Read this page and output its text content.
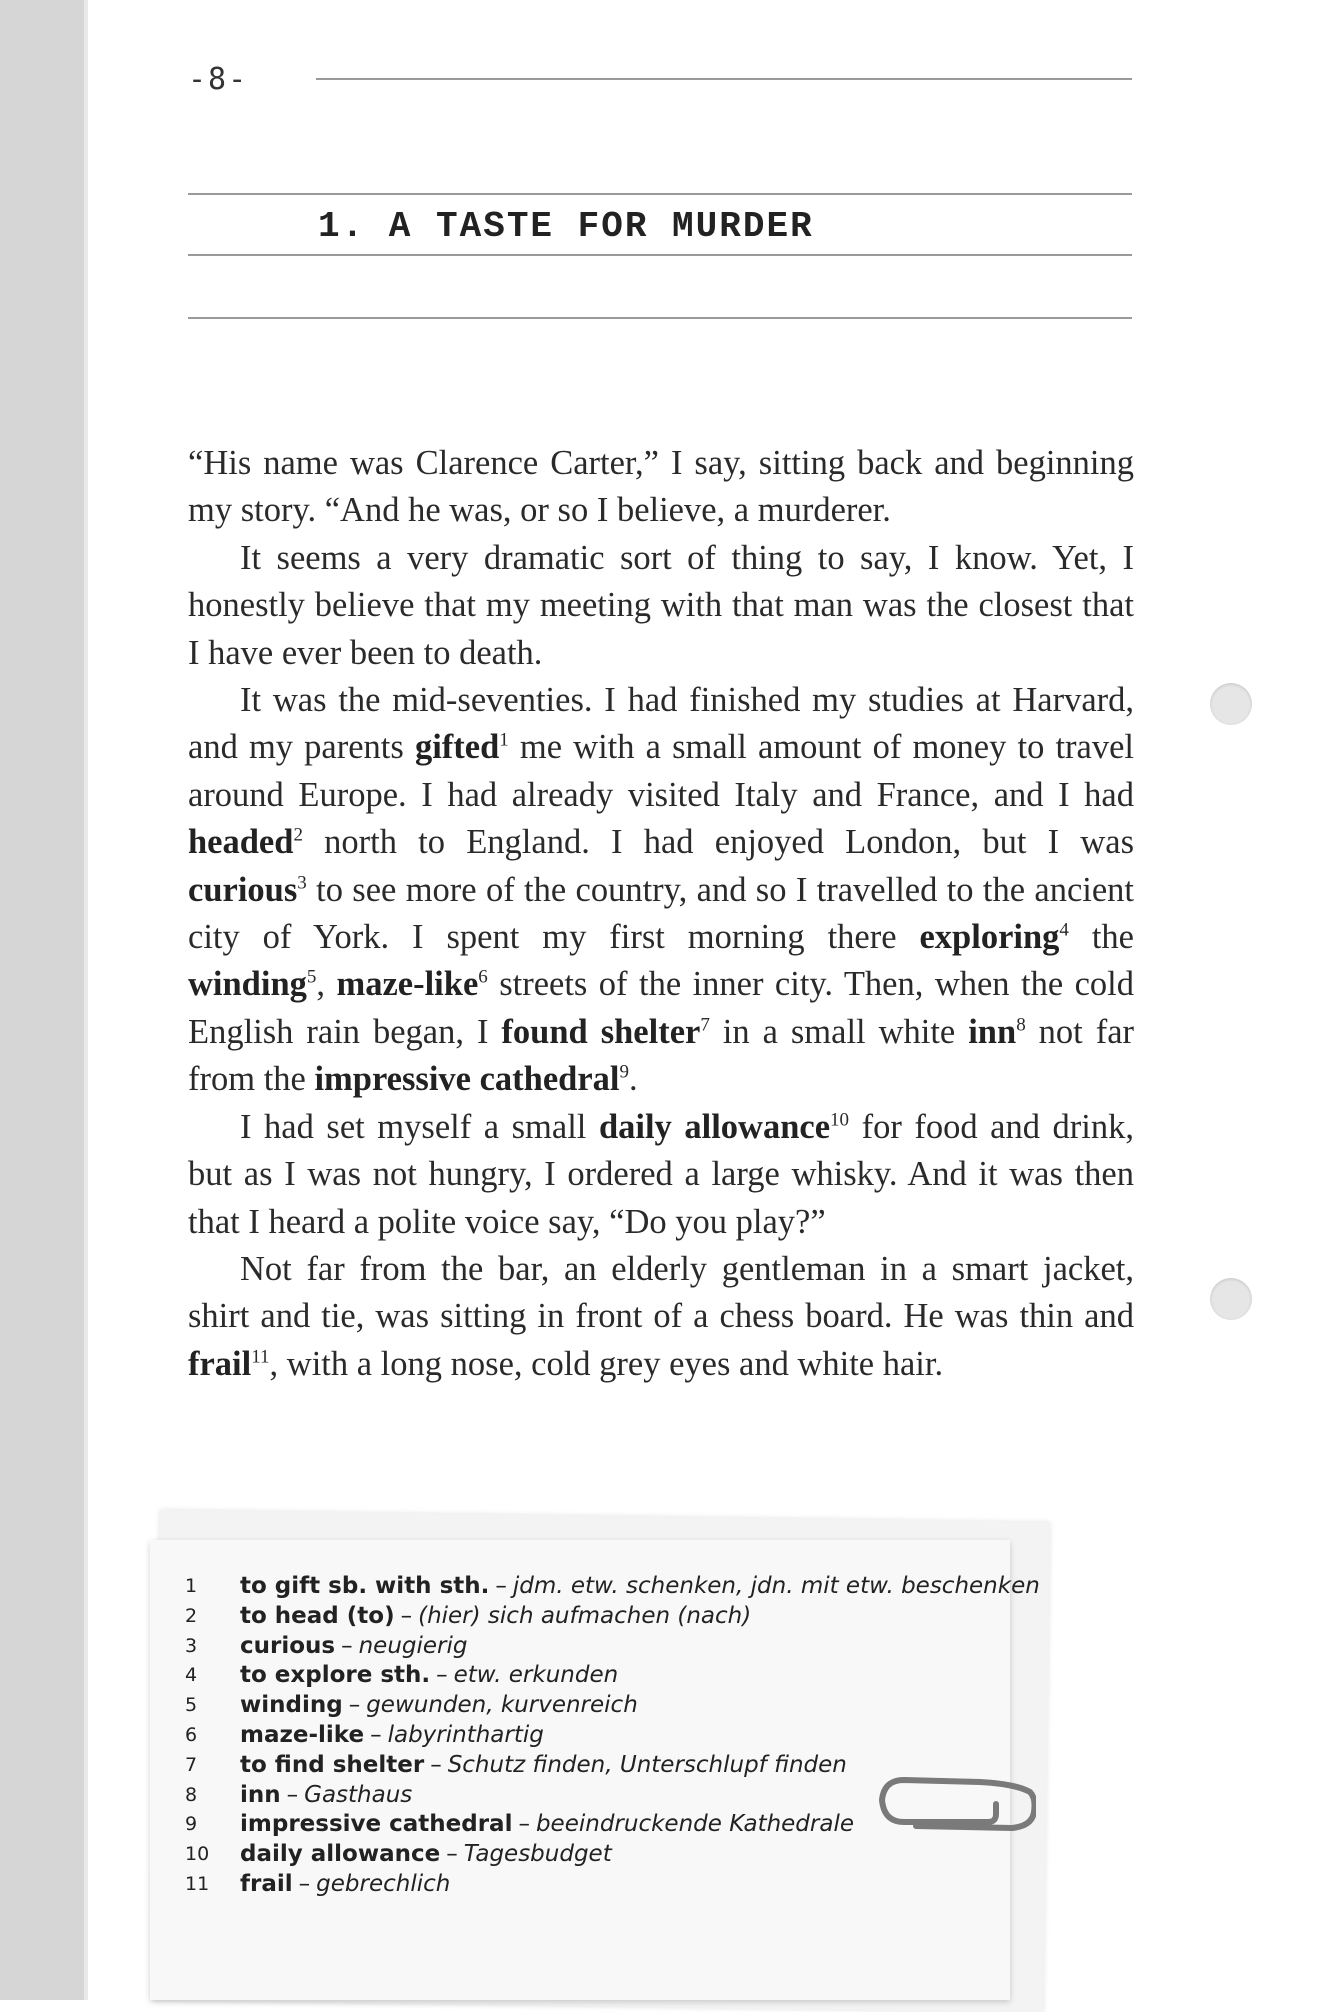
-8-
1. A TASTE FOR MURDER

“His name was Clarence Carter,” I say, sitting back and beginning my story. “And he was, or so I believe, a murderer.

It seems a very dramatic sort of thing to say, I know. Yet, I honestly believe that my meeting with that man was the closest that I have ever been to death.

It was the mid-seventies. I had finished my studies at Harvard, and my parents gifted$^1$ me with a small amount of money to travel around Europe. I had already visited Italy and France, and I had headed$^2$ north to England. I had enjoyed London, but I was curious$^3$ to see more of the country, and so I travelled to the ancient city of York. I spent my first morning there exploring$^4$ the winding$^5$, maze-like$^6$ streets of the inner city. Then, when the cold English rain began, I found shelter$^7$ in a small white inn$^8$ not far from the impressive cathedral$^9$.

I had set myself a small daily allowance$^{10}$ for food and drink, but as I was not hungry, I ordered a large whisky. And it was then that I heard a polite voice say, “Do you play?”

Not far from the bar, an elderly gentleman in a smart jacket, shirt and tie, was sitting in front of a chess board. He was thin and frail$^{11}$, with a long nose, cold grey eyes and white hair.

1	to gift sb. with sth. – jdm. etw. schenken, jdn. mit etw. beschenken
2	to head (to) – (hier) sich aufmachen (nach)
3	curious – neugierig
4	to explore sth. – etw. erkunden
5	winding – gewunden, kurvenreich
6	maze-like – labyrinthartig
7	to find shelter – Schutz finden, Unterschlupf finden
8	inn – Gasthaus
9	impressive cathedral – beeindruckende Kathedrale
10	daily allowance – Tagesbudget
11	frail – gebrechlich
